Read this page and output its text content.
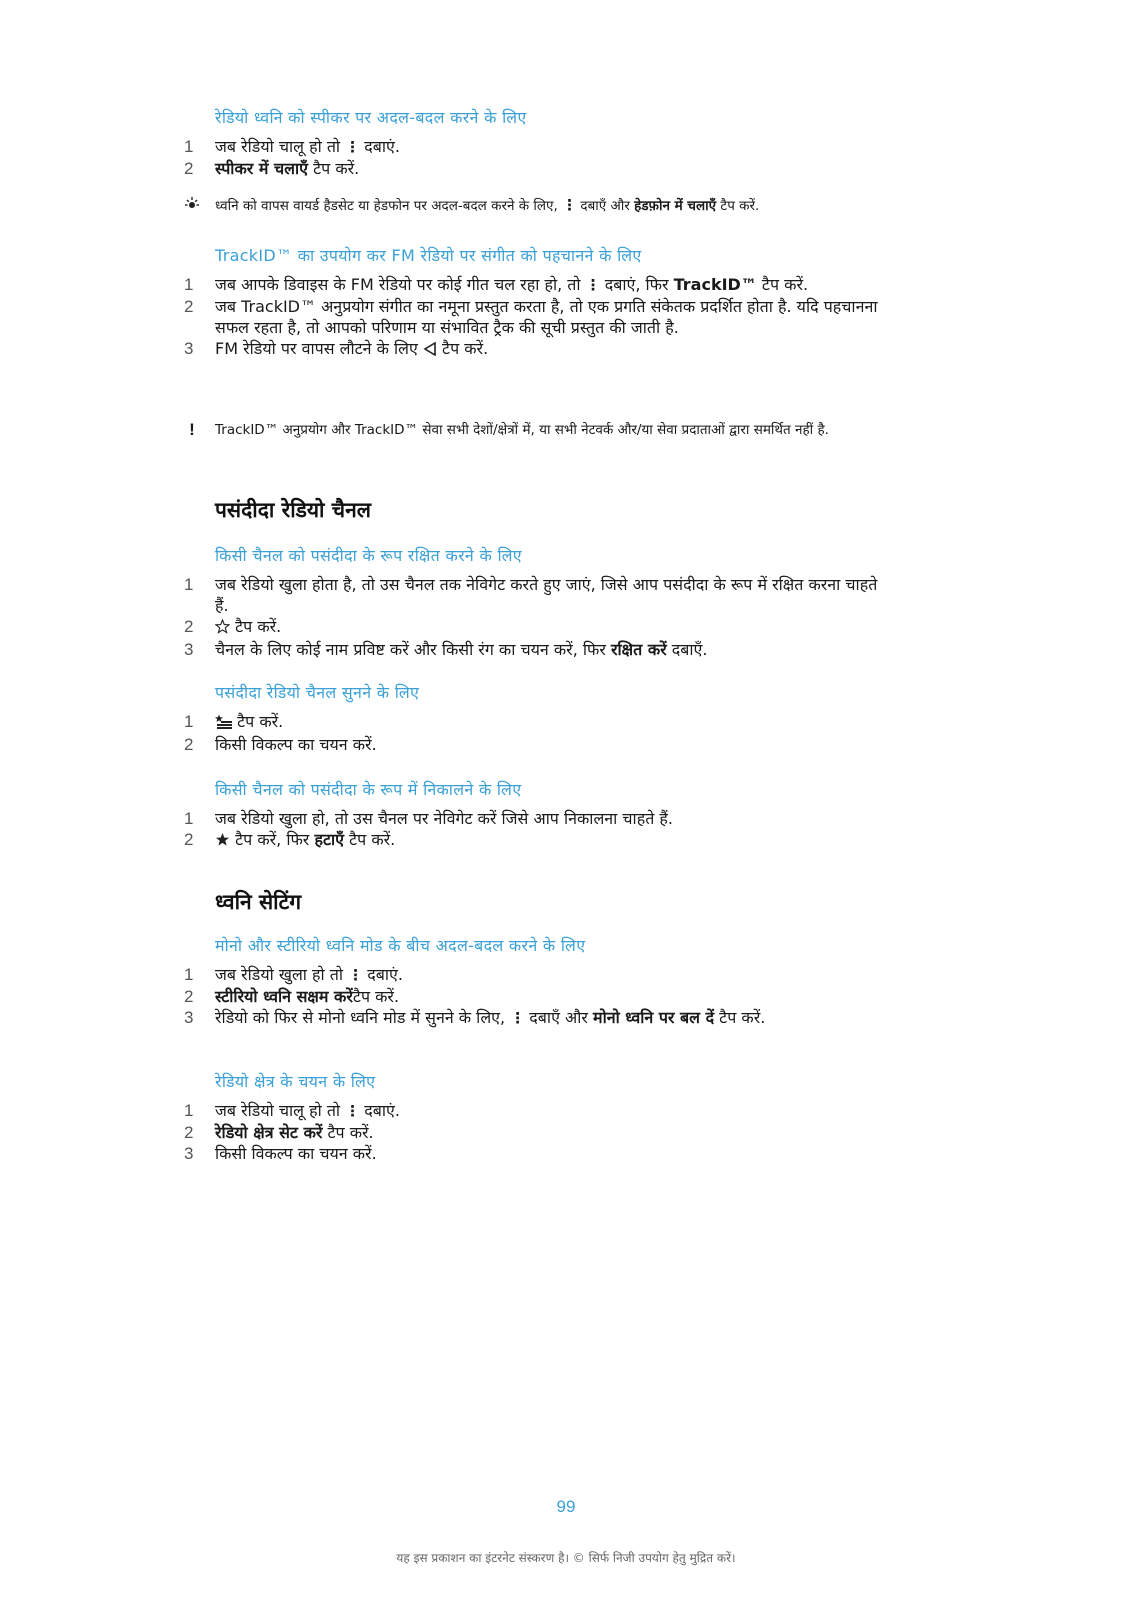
रेडियो ध्वनि को स्पीकर पर अदल-बदल करने के लिए
1 जब रेडियो चालू हो तो ⋮ दबाएं.
2 स्पीकर में चलाएँ टैप करें.
ध्वनि को वापस वायर्ड हैडसेट या हेडफोन पर अदल-बदल करने के लिए, ⋮ दबाएँ और हेडफ़ोन में चलाएँ टैप करें.
TrackID™ का उपयोग कर FM रेडियो पर संगीत को पहचानने के लिए
1 जब आपके डिवाइस के FM रेडियो पर कोई गीत चल रहा हो, तो ⋮ दबाएं, फिर TrackID™ टैप करें.
2 जब TrackID™ अनुप्रयोग संगीत का नमूना प्रस्तुत करता है, तो एक प्रगति संकेतक प्रदर्शित होता है. यदि पहचानना सफल रहता है, तो आपको परिणाम या संभावित ट्रैक की सूची प्रस्तुत की जाती है.
3 FM रेडियो पर वापस लौटने के लिए  टैप करें.
!	TrackID™ अनुप्रयोग और TrackID™ सेवा सभी देशों/क्षेत्रों में, या सभी नेटवर्क और/या सेवा प्रदाताओं द्वारा समर्थित नहीं है.
पसंदीदा रेडियो चैनल
किसी चैनल को पसंदीदा के रूप रक्षित करने के लिए
1 जब रेडियो खुला होता है, तो उस चैनल तक नेविगेट करते हुए जाएं, जिसे आप पसंदीदा के रूप में रक्षित करना चाहते हैं.
2	टैप करें.
3 चैनल के लिए कोई नाम प्रविष्ट करें और किसी रंग का चयन करें, फिर रक्षित करें दबाएँ.
पसंदीदा रेडियो चैनल सुनने के लिए
1	टैप करें.
2 किसी विकल्प का चयन करें.
किसी चैनल को पसंदीदा के रूप में निकालने के लिए
1 जब रेडियो खुला हो, तो उस चैनल पर नेविगेट करें जिसे आप निकालना चाहते हैं.
2	टैप करें, फिर हटाएँ टैप करें.
ध्वनि सेटिंग
मोनो और स्टीरियो ध्वनि मोड के बीच अदल-बदल करने के लिए
1 जब रेडियो खुला हो तो ⋮ दबाएं.
2 स्टीरियो ध्वनि सक्षम करेंटैप करें.
3 रेडियो को फिर से मोनो ध्वनि मोड में सुनने के लिए, ⋮ दबाएँ और मोनो ध्वनि पर बल दें टैप करें.
रेडियो क्षेत्र के चयन के लिए
1 जब रेडियो चालू हो तो ⋮ दबाएं.
2 रेडियो क्षेत्र सेट करें टैप करें.
3 किसी विकल्प का चयन करें.
99
यह इस प्रकाशन का इंटरनेट संस्करण है। © सिर्फ निजी उपयोग हेतु मुद्रित करें।
